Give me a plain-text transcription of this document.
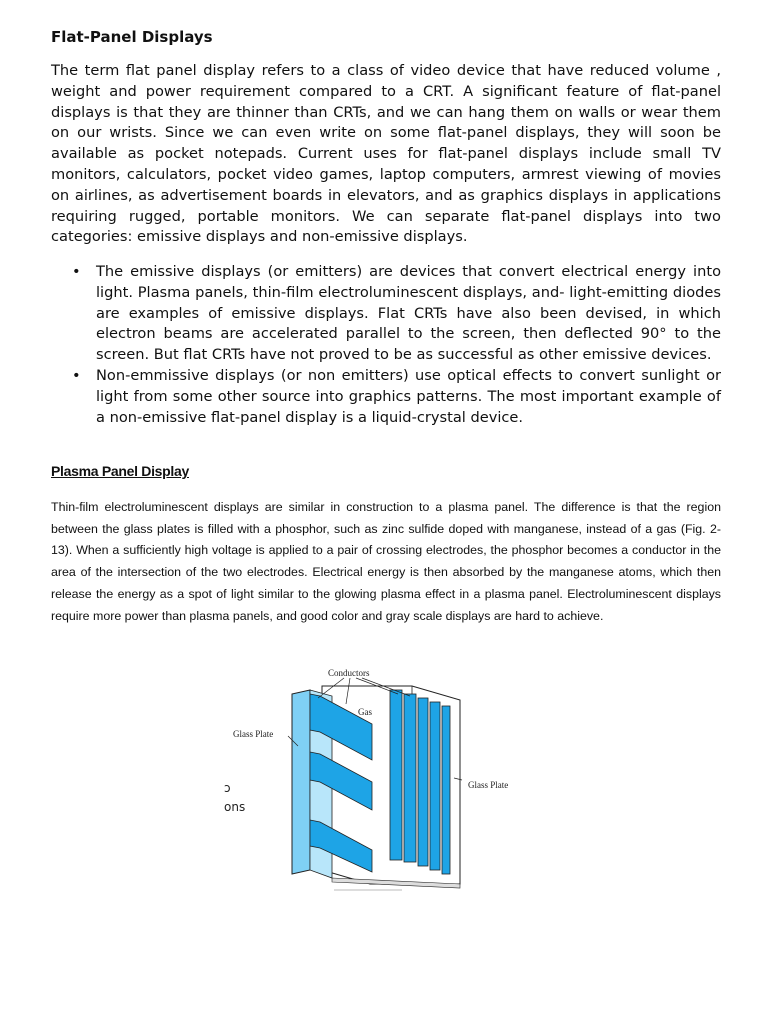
Flat-Panel Displays

The term flat panel display refers to a class of video device that have reduced volume , weight and power requirement compared to a CRT. A significant feature of flat-panel displays is that they are thinner than CRTs, and we can hang them on walls or wear them on our wrists. Since we can even write on some flat-panel displays, they will soon be available as pocket notepads. Current uses for flat-panel displays include small TV monitors, calculators, pocket video games, laptop computers, armrest viewing of movies on airlines, as advertisement boards in elevators, and as graphics displays in applications requiring rugged, portable monitors. We can separate flat-panel displays into two categories: emissive displays and non-emissive displays.

• The emissive displays (or emitters) are devices that convert electrical energy into light. Plasma panels, thin-film electroluminescent displays, and- light-emitting diodes are examples of emissive displays. Flat CRTs have also been devised, in which electron beams are accelerated parallel to the screen, then deflected 90° to the screen. But flat CRTs have not proved to be as successful as other emissive devices.
• Non-emmissive displays (or non emitters) use optical effects to convert sunlight or light from some other source into graphics patterns. The most important example of a non-emissive flat-panel display is a liquid-crystal device.
Plasma Panel Display

Thin-film electroluminescent displays are similar in construction to a plasma panel. The difference is that the region between the glass plates is filled with a phosphor, such as zinc sulfide doped with manganese, instead of a gas (Fig. 2-13). When a sufficiently high voltage is applied to a pair of crossing electrodes, the phosphor becomes a conductor in the area of the intersection of the two electrodes. Electrical energy is then absorbed by the manganese atoms, which then release the energy as a spot of light similar to the glowing plasma effect in a plasma panel. Electroluminescent displays require more power than plasma panels, and good color and gray scale displays are hard to achieve.

ɔ
ons
Conductors
Gas
Glass Plate
Glass Plate
